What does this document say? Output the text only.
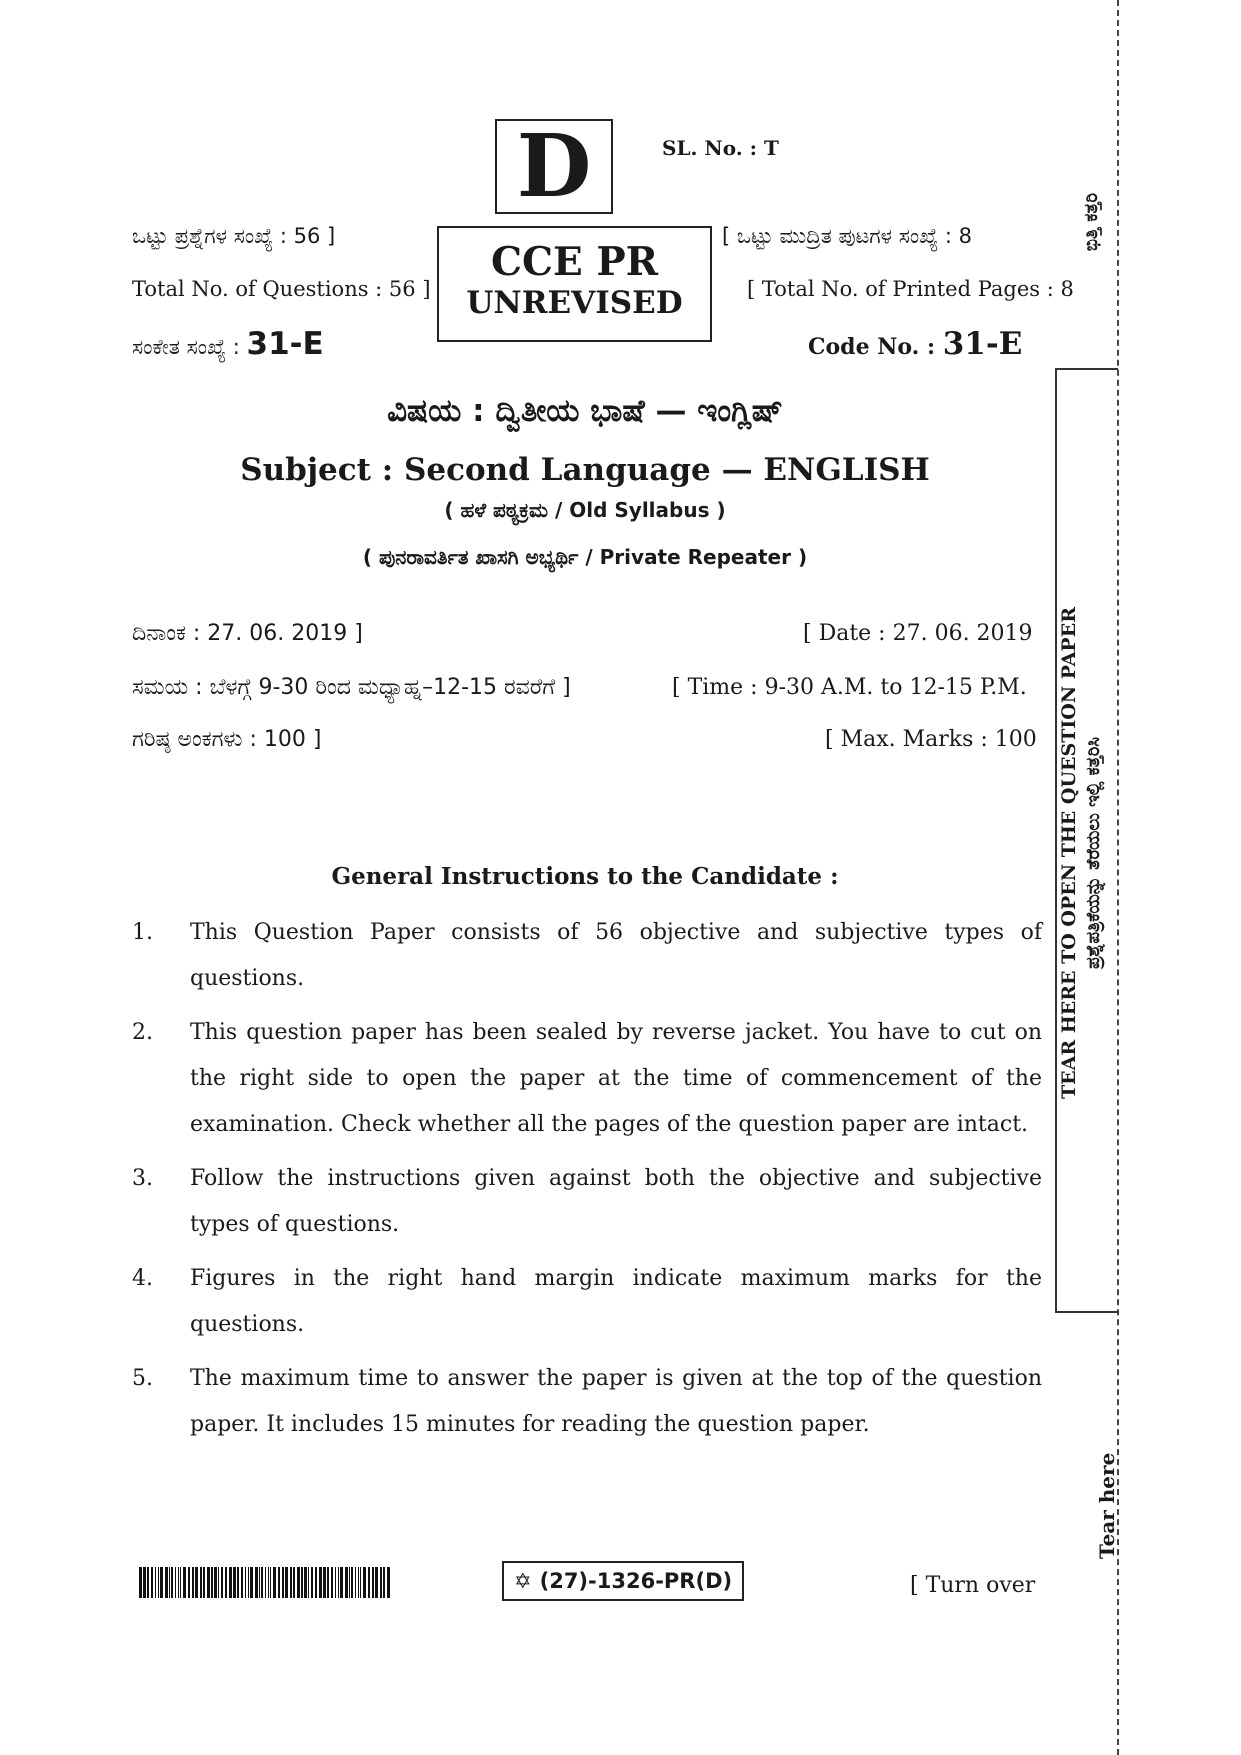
D	SL. No. : T
CCE PR
UNREVISED
ಒಟ್ಟು ಪ್ರಶ್ನೆಗಳ ಸಂಖ್ಯೆ : 56 ]
Total No. of Questions : 56 ]
[ ಒಟ್ಟು ಮುದ್ರಿತ ಪುಟಗಳ ಸಂಖ್ಯೆ : 8
[ Total No. of Printed Pages : 8
ಸಂಕೇತ ಸಂಖ್ಯೆ : 31-E	Code No. : 31-E
ವಿಷಯ : ದ್ವಿತೀಯ ಭಾಷೆ — ಇಂಗ್ಲಿಷ್
Subject : Second Language — ENGLISH
( ಹಳೆ ಪಠ್ಯಕ್ರಮ / Old Syllabus )
( ಪುನರಾವರ್ತಿತ ಖಾಸಗಿ ಅಭ್ಯರ್ಥಿ / Private Repeater )
ದಿನಾಂಕ : 27. 06. 2019 ]	[ Date : 27. 06. 2019
ಸಮಯ : ಬೆಳಗ್ಗೆ 9-30 ರಿಂದ ಮಧ್ಯಾಹ್ನ–12-15 ರವರೆಗೆ ]	[ Time : 9-30 A.M. to 12-15 P.M.
ಗರಿಷ್ಠ ಅಂಕಗಳು : 100 ]	[ Max. Marks : 100
General Instructions to the Candidate :
1.	This Question Paper consists of 56 objective and subjective types of questions.
2.	This question paper has been sealed by reverse jacket. You have to cut on the right side to open the paper at the time of commencement of the examination. Check whether all the pages of the question paper are intact.
3.	Follow the instructions given against both the objective and subjective types of questions.
4.	Figures in the right hand margin indicate maximum marks for the questions.
5.	The maximum time to answer the paper is given at the top of the question paper. It includes 15 minutes for reading the question paper.
✡ (27)-1326-PR(D)	[ Turn over
ಭಿತ್ತಿ ಕತ್ತರಿ
TEAR HERE TO OPEN THE QUESTION PAPER ಪ್ರಶ್ನೆಪತ್ರಿಕೆಯನ್ನು ತೆರೆಯಲು ಇಲ್ಲಿ ಕತ್ತರಿಸಿ
Tear here
